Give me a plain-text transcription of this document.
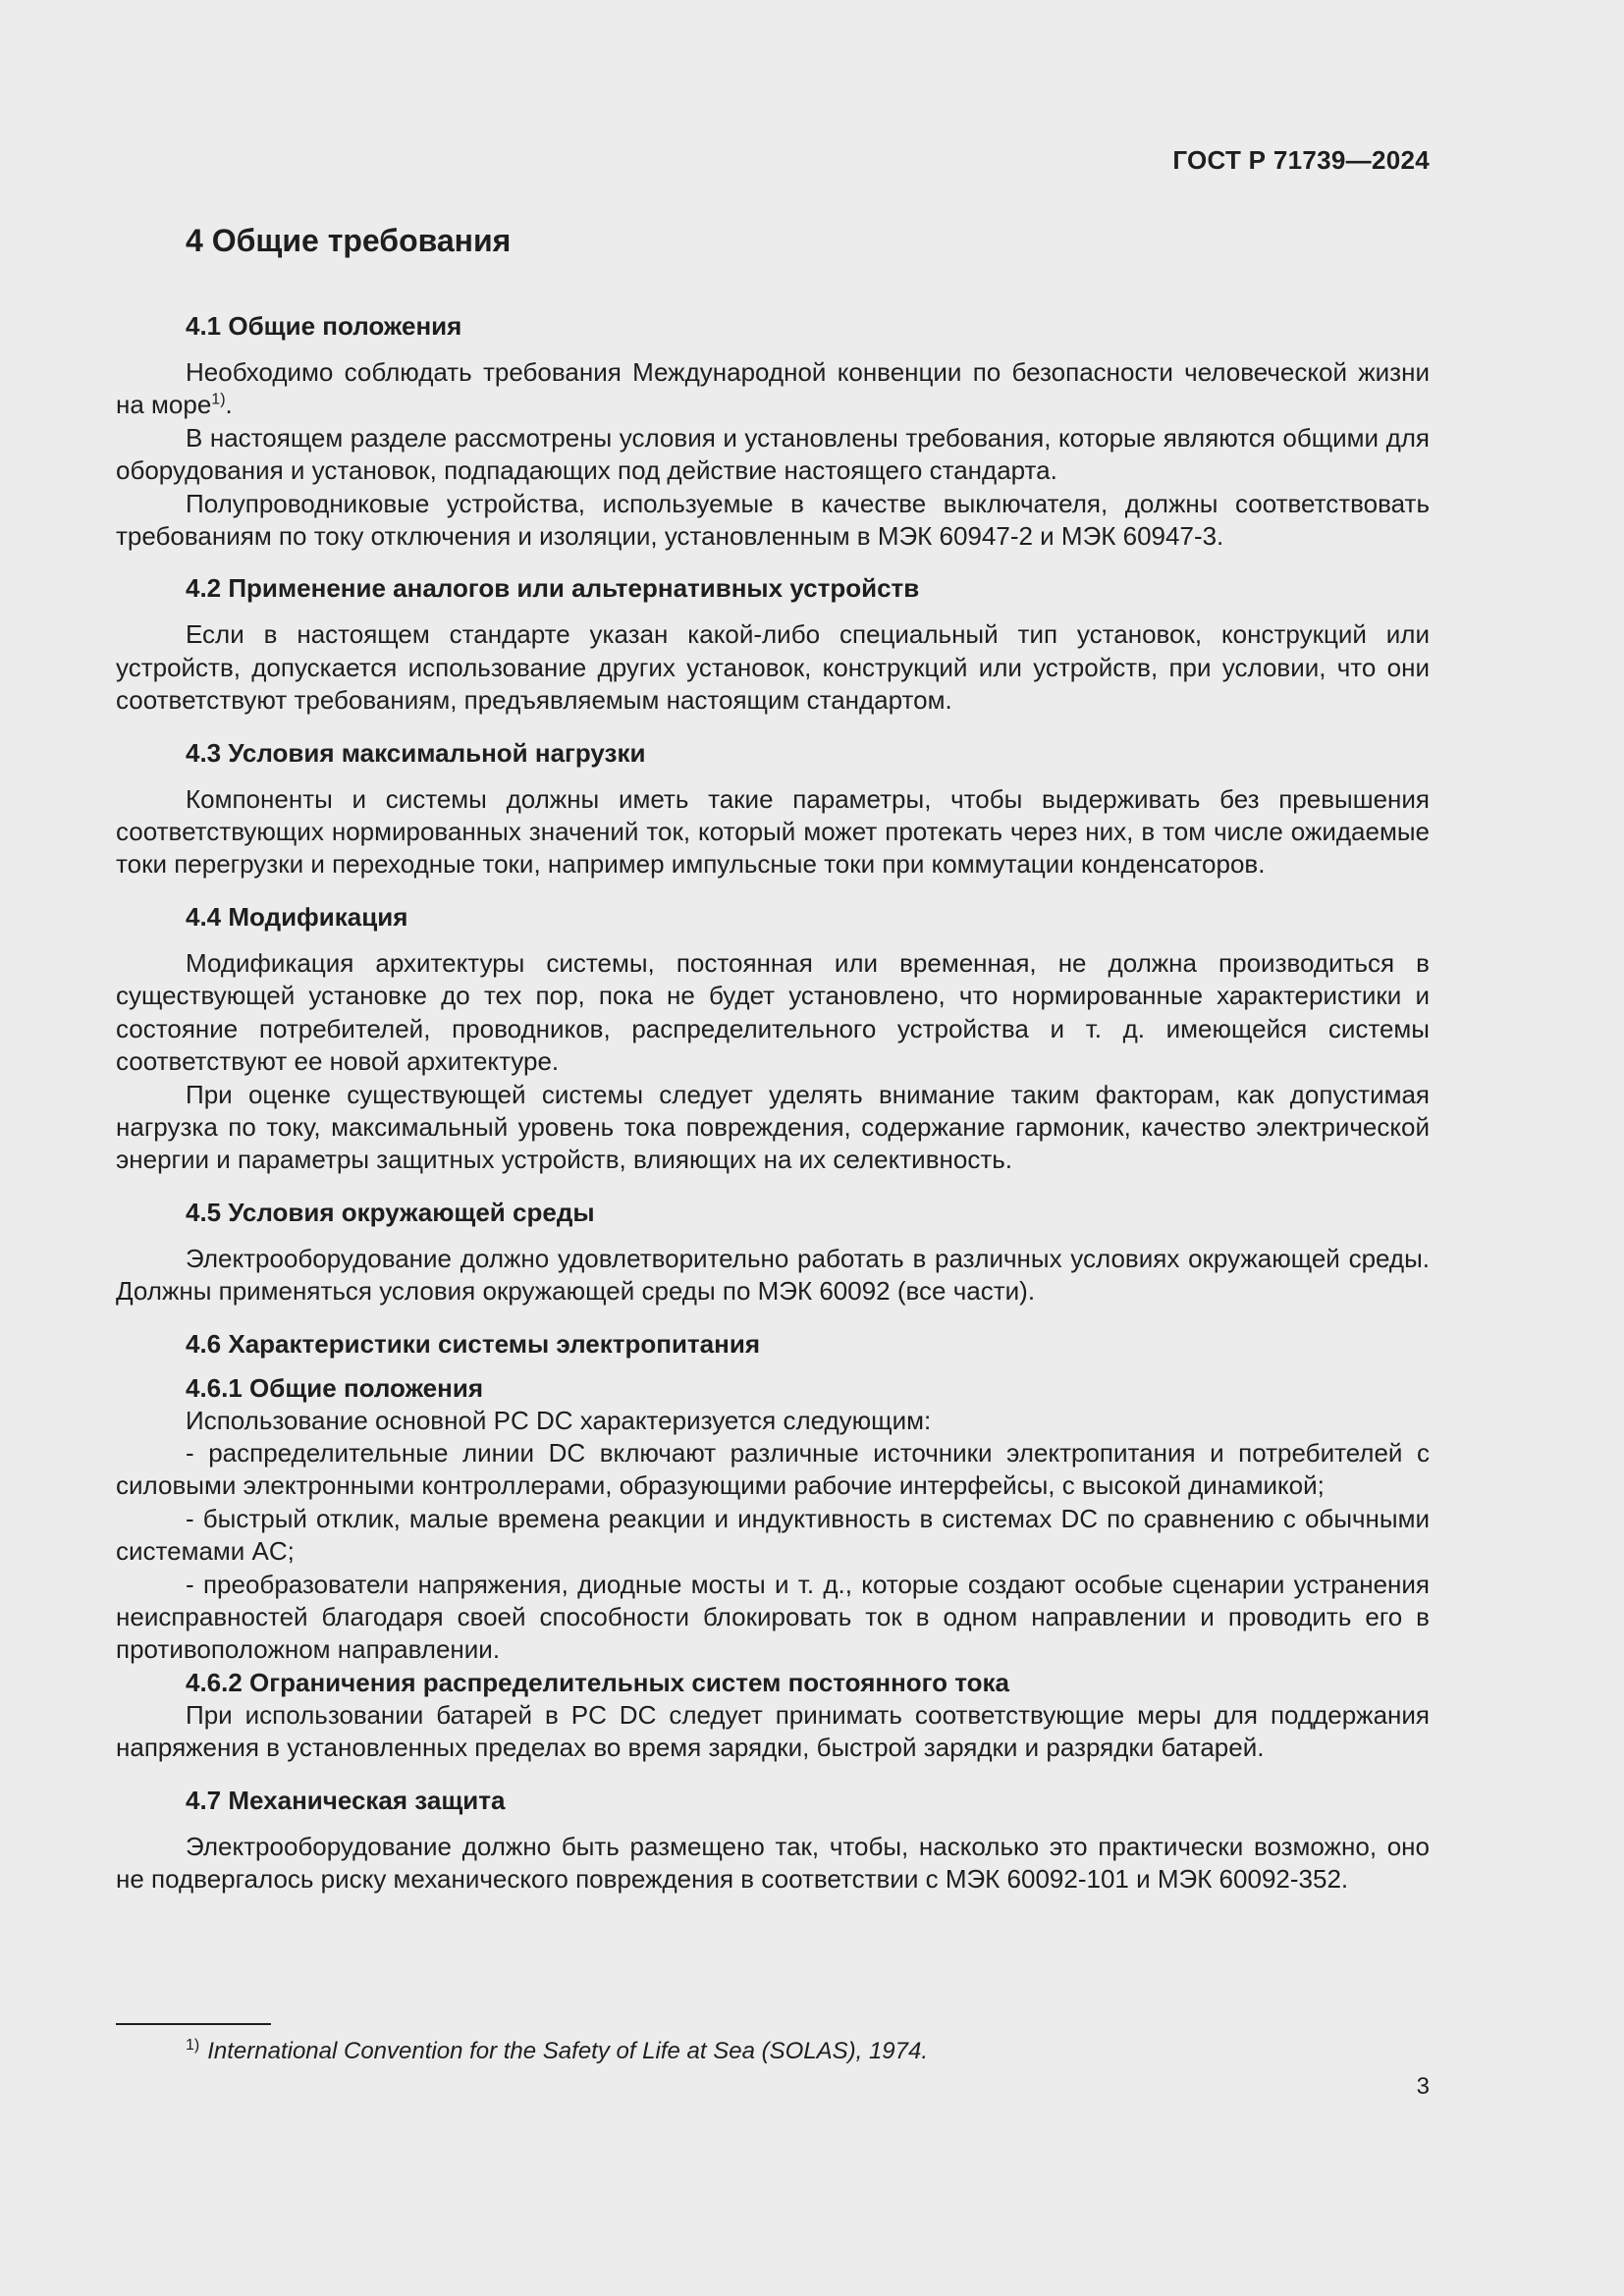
ГОСТ Р 71739—2024
4 Общие требования
4.1 Общие положения

Необходимо соблюдать требования Международной конвенции по безопасности человеческой жизни на море$^{1)}$.

В настоящем разделе рассмотрены условия и установлены требования, которые являются общими для оборудования и установок, подпадающих под действие настоящего стандарта.

Полупроводниковые устройства, используемые в качестве выключателя, должны соответствовать требованиям по току отключения и изоляции, установленным в МЭК 60947-2 и МЭК 60947-3.

4.2 Применение аналогов или альтернативных устройств

Если в настоящем стандарте указан какой-либо специальный тип установок, конструкций или устройств, допускается использование других установок, конструкций или устройств, при условии, что они соответствуют требованиям, предъявляемым настоящим стандартом.

4.3 Условия максимальной нагрузки

Компоненты и системы должны иметь такие параметры, чтобы выдерживать без превышения соответствующих нормированных значений ток, который может протекать через них, в том числе ожидаемые токи перегрузки и переходные токи, например импульсные токи при коммутации конденсаторов.

4.4 Модификация

Модификация архитектуры системы, постоянная или временная, не должна производиться в существующей установке до тех пор, пока не будет установлено, что нормированные характеристики и состояние потребителей, проводников, распределительного устройства и т. д. имеющейся системы соответствуют ее новой архитектуре.

При оценке существующей системы следует уделять внимание таким факторам, как допустимая нагрузка по току, максимальный уровень тока повреждения, содержание гармоник, качество электрической энергии и параметры защитных устройств, влияющих на их селективность.

4.5 Условия окружающей среды

Электрооборудование должно удовлетворительно работать в различных условиях окружающей среды. Должны применяться условия окружающей среды по МЭК 60092 (все части).

4.6 Характеристики системы электропитания
4.6.1 Общие положения

Использование основной PC DC характеризуется следующим:

- распределительные линии DC включают различные источники электропитания и потребителей с силовыми электронными контроллерами, образующими рабочие интерфейсы, с высокой динамикой;

- быстрый отклик, малые времена реакции и индуктивность в системах DC по сравнению с обычными системами AC;

- преобразователи напряжения, диодные мосты и т. д., которые создают особые сценарии устранения неисправностей благодаря своей способности блокировать ток в одном направлении и проводить его в противоположном направлении.

4.6.2 Ограничения распределительных систем постоянного тока

При использовании батарей в PC DC следует принимать соответствующие меры для поддержания напряжения в установленных пределах во время зарядки, быстрой зарядки и разрядки батарей.

4.7 Механическая защита

Электрооборудование должно быть размещено так, чтобы, насколько это практически возможно, оно не подвергалось риску механического повреждения в соответствии с МЭК 60092-101 и МЭК 60092-352.

$^{1)}$ International Convention for the Safety of Life at Sea (SOLAS), 1974.
3
